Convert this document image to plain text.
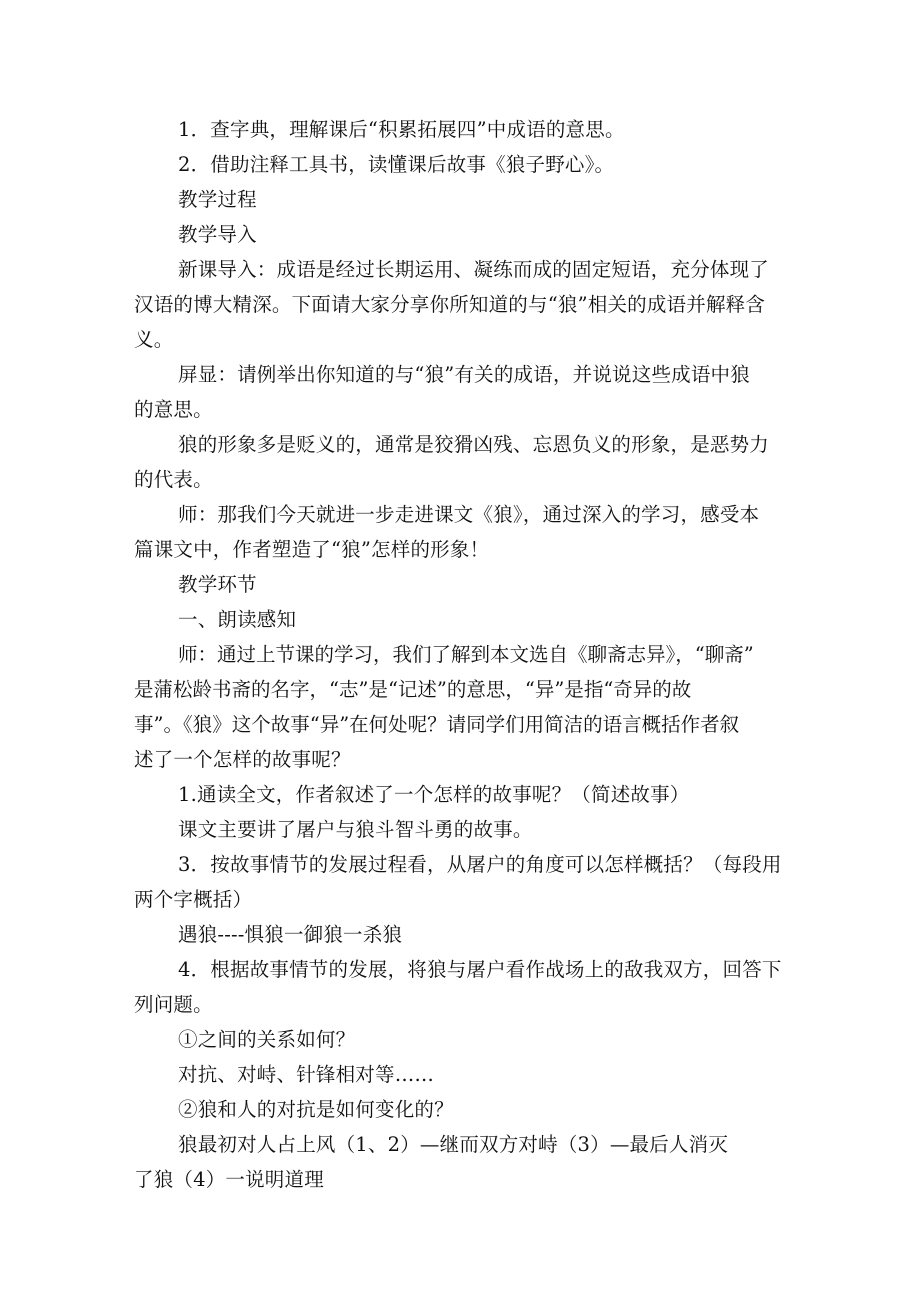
1．查字典，理解课后“积累拓展四”中成语的意思。
2．借助注释工具书，读懂课后故事《狼子野心》。
教学过程
教学导入
新课导入：成语是经过长期运用、凝练而成的固定短语，充分体现了
汉语的博大精深。下面请大家分享你所知道的与“狼”相关的成语并解释含
义。
屏显：请例举出你知道的与“狼”有关的成语，并说说这些成语中狼
的意思。
狼的形象多是贬义的，通常是狡猾凶残、忘恩负义的形象，是恶势力
的代表。
师：那我们今天就进一步走进课文《狼》，通过深入的学习，感受本
篇课文中，作者塑造了“狼”怎样的形象！
教学环节
一、朗读感知
师：通过上节课的学习，我们了解到本文选自《聊斋志异》，“聊斋”
是蒲松龄书斋的名字，“志”是“记述”的意思，“异”是指“奇异的故
事”。《狼》这个故事“异”在何处呢？请同学们用简洁的语言概括作者叙
述了一个怎样的故事呢？
1.通读全文，作者叙述了一个怎样的故事呢？（简述故事）
课文主要讲了屠户与狼斗智斗勇的故事。
3．按故事情节的发展过程看，从屠户的角度可以怎样概括？（每段用
两个字概括）
遇狼----惧狼一御狼一杀狼
4．根据故事情节的发展，将狼与屠户看作战场上的敌我双方，回答下
列问题。
①之间的关系如何？
对抗、对峙、针锋相对等……
②狼和人的对抗是如何变化的？
狼最初对人占上风（1、2）—继而双方对峙（3）—最后人消灭
了狼（4）一说明道理
